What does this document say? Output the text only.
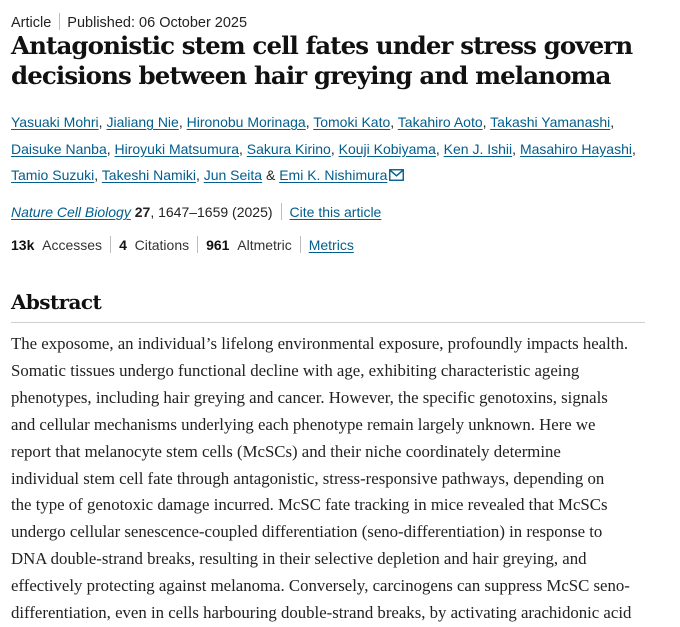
Article Published: 06 October 2025
Antagonistic stem cell fates under stress govern decisions between hair greying and melanoma
Yasuaki Mohri, Jialiang Nie, Hironobu Morinaga, Tomoki Kato, Takahiro Aoto, Takashi Yamanashi,
Daisuke Nanba, Hiroyuki Matsumura, Sakura Kirino, Kouji Kobiyama, Ken J. Ishii, Masahiro Hayashi,
Tamio Suzuki, Takeshi Namiki, Jun Seita & Emi K. Nishimura
Nature Cell Biology 27, 1647–1659 (2025) Cite this article
13k Accesses 4 Citations 961 Altmetric Metrics
Abstract
The exposome, an individual’s lifelong environmental exposure, profoundly impacts health.
Somatic tissues undergo functional decline with age, exhibiting characteristic ageing
phenotypes, including hair greying and cancer. However, the specific genotoxins, signals
and cellular mechanisms underlying each phenotype remain largely unknown. Here we
report that melanocyte stem cells (McSCs) and their niche coordinately determine
individual stem cell fate through antagonistic, stress-responsive pathways, depending on
the type of genotoxic damage incurred. McSC fate tracking in mice revealed that McSCs
undergo cellular senescence-coupled differentiation (seno-differentiation) in response to
DNA double-strand breaks, resulting in their selective depletion and hair greying, and
effectively protecting against melanoma. Conversely, carcinogens can suppress McSC seno-
differentiation, even in cells harbouring double-strand breaks, by activating arachidonic acid
